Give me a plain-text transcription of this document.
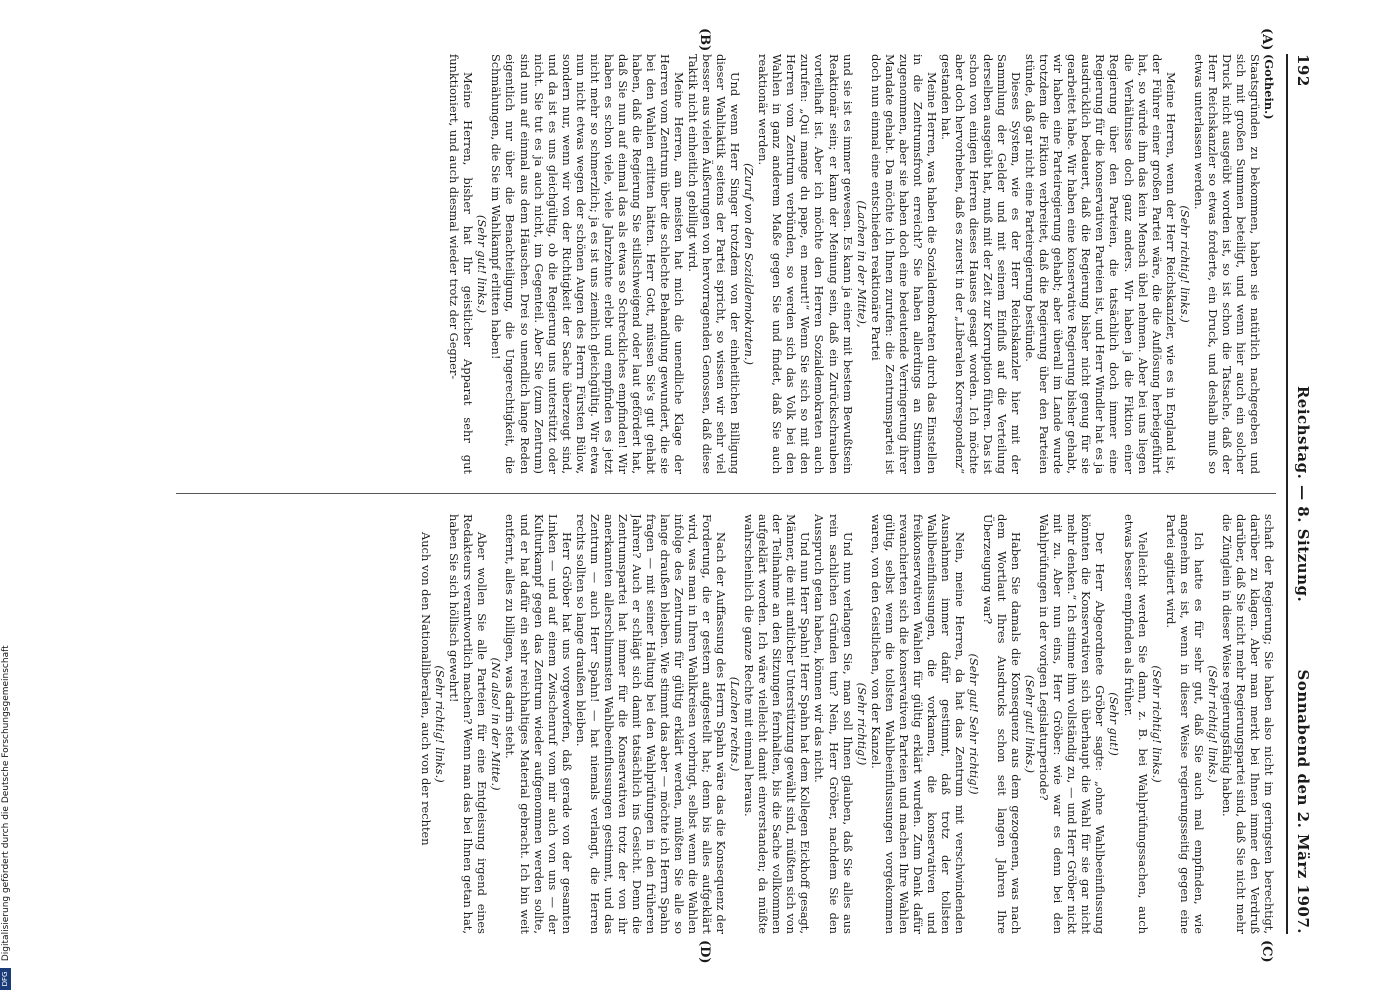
192
Reichstag. — 8. Sitzung.
Sonnabend den 2. März 1907.
(A)
(B)
(C)
(D)

(Gothein.)

Staatsgründen zu bekommen, haben sie natürlich nachgegeben und sich mit großen Summen beteiligt, und wenn hier auch ein solcher Druck nicht ausgeübt worden ist, so ist schon die Tatsache, daß der Herr Reichskanzler so etwas forderte, ein Druck, und deshalb muß so etwas unterlassen werden.

(Sehr richtig! links.)

Meine Herren, wenn der Herr Reichskanzler, wie es in England ist, der Führer einer großen Partei wäre, die die Auflösung herbeigeführt hat, so würde ihm das kein Mensch übel nehmen. Aber bei uns liegen die Verhältnisse doch ganz anders. Wir haben ja die Fiktion einer Regierung über den Parteien, die tatsächlich doch immer eine Regierung für die konservativen Parteien ist, und Herr Windler hat es ja ausdrücklich bedauert, daß die Regierung bisher nicht genug für sie gearbeitet habe. Wir haben eine konservative Regierung bisher gehabt, wir haben eine Parteiregierung gehabt; aber überall im Lande wurde trotzdem die Fiktion verbreitet, daß die Regierung über den Parteien stünde, daß gar nicht eine Parteiregierung bestünde.

Dieses System, wie es der Herr Reichskanzler hier mit der Sammlung der Gelder und mit seinem Einfluß auf die Verteilung derselben ausgeübt hat, muß mit der Zeit zur Korruption führen. Das ist schon von einigen Herren dieses Hauses gesagt worden. Ich möchte aber doch hervorheben, daß es zuerst in der „Liberalen Korrespondenz“ gestanden hat.

Meine Herren, was haben die Sozialdemokraten durch das Einstellen in die Zentrumsfront erreicht? Sie haben allerdings an Stimmen zugenommen, aber sie haben doch eine bedeutende Verringerung ihrer Mandate gehabt. Da möchte ich Ihnen zurufen: die Zentrumspartei ist doch nun einmal eine entschieden reaktionäre Partei

(Lachen in der Mitte),

und sie ist es immer gewesen. Es kann ja einer mit bestem Bewußtsein Reaktionär sein; er kann der Meinung sein, daß ein Zurückschrauben vorteilhaft ist. Aber ich möchte den Herren Sozialdemokraten auch zurufen: „Qui mange du pape, en meurt!“ Wenn Sie sich so mit den Herren vom Zentrum verbünden, so werden sich das Volk bei den Wahlen in ganz anderem Maße gegen Sie und findet, daß Sie auch reaktionär werden.

(Zuruf von den Sozialdemokraten.)

Und wenn Herr Singer trotzdem von der einheitlichen Billigung dieser Wahltaktik seitens der Partei spricht, so wissen wir sehr viel besser aus vielen Äußerungen von hervorragenden Genossen, daß diese Taktik nicht einheitlich gebilligt wird.

Meine Herren, am meisten hat mich die unendliche Klage der Herren vom Zentrum über die schlechte Behandlung gewundert, die sie bei den Wahlen erlitten hätten. Herr Gott, müssen Sie's gut gehabt haben, daß die Regierung Sie stillschweigend oder laut gefördert hat, daß Sie nun auf einmal das als etwas so Schreckliches empfinden! Wir haben es schon viele, viele Jahrzehnte erlebt und empfinden es jetzt nicht mehr so schmerzlich; ja es ist uns ziemlich gleichgültig. Wir etwa nun nicht etwas wegen der schönen Augen des Herrn Fürsten Bülow, sondern nur, wenn wir von der Richtigkeit der Sache überzeugt sind, und da ist es uns gleichgültig, ob die Regierung uns unterstützt oder nicht. Sie tut es ja auch nicht, im Gegenteil. Aber Sie (zum Zentrum) sind nun auf einmal aus dem Häuschen. Drei so unendlich lange Reden eigentlich nur über die Benachteiligung, die Ungerechtigkeit, die Schmähungen, die Sie im Wahlkampf erlitten haben!

(Sehr gut! links.)

Meine Herren, bisher hat Ihr geistlicher Apparat sehr gut funktioniert, und auch diesmal wieder trotz der Gegner-

schaft der Regierung; Sie haben also nicht im geringsten berechtigt, darüber zu klagen. Aber man merkt bei Ihnen immer den Verdruß darüber, daß Sie nicht mehr Regierungspartei sind, daß Sie nicht mehr die Zünglein in dieser Weise regierungsfähig haben.

(Sehr richtig! links.)

Ich hatte es für sehr gut, daß Sie auch mal empfinden, wie angenehm es ist, wenn in dieser Weise regierungsseitig gegen eine Partei agitiert wird.

(Sehr richtig! links.)

Vielleicht werden Sie dann, z. B. bei Wahlprüfungssachen, auch etwas besser empfinden als früher.

(Sehr gut!)

Der Herr Abgeordnete Gröber sagte: „ohne Wahlbeeinflussung könnten die Konservativen sich überhaupt die Wahl für sie gar nicht mehr denken.“ Ich stimme ihm vollständig zu, — und Herr Gröber nickt mit zu. Aber nun eins, Herr Gröber: wie war es denn bei den Wahlprüfungen in der vorigen Legislaturperiode?

(Sehr gut! links.)

Haben Sie damals die Konsequenz aus dem gezogenen, was nach dem Wortlaut Ihres Ausdrucks schon seit langen Jahren Ihre Überzeugung war?

(Sehr gut! Sehr richtig!)

Nein, meine Herren, da hat das Zentrum mit verschwindenden Ausnahmen immer dafür gestimmt, daß trotz der tollsten Wahlbeeinflussungen, die vorkamen, die konservativen und freikonservativen Wahlen für gültig erklärt wurden. Zum Dank dafür revanchierten sich die konservativen Parteien und machen Ihre Wahlen gültig, selbst wenn die tollsten Wahlbeeinflussungen vorgekommen waren, von den Geistlichen, von der Kanzel.

(Sehr richtig!)

Und nun verlangen Sie, man soll Ihnen glauben, daß Sie alles aus rein sachlichen Gründen tun? Nein, Herr Gröber, nachdem Sie den Ausspruch getan haben, können wir das nicht.

Und nun Herr Spahn! Herr Spahn hat dem Kollegen Eickhoff gesagt, Männer, die mit amtlicher Unterstützung gewählt sind, müßten sich von der Teilnahme an den Sitzungen fernhalten, bis die Sache vollkommen aufgeklärt worden. Ich wäre vielleicht damit einverstanden; da müßte wahrscheinlich die ganze Rechte mit einmal heraus.

(Lachen rechts.)

Nach der Auffassung des Herrn Spahn wäre das die Konsequenz der Forderung, die er gestern aufgestellt hat; denn bis alles aufgeklärt wird, was man in Ihren Wahlkreisen vorbringt, selbst wenn die Wahlen infolge des Zentrums für gültig erklärt werden, müßten Sie alle so lange draußen bleiben. Wie stimmt das aber — möchte ich Herrn Spahn fragen — mit seiner Haltung bei den Wahlprüfungen in den früheren Jahren? Auch er schlägt sich damit tatsächlich ins Gesicht. Denn die Zentrumspartei hat immer für die Konservativen trotz der von ihr anerkannten allerschlimmsten Wahlbeeinflussungen gestimmt, und das Zentrum — auch Herr Spahn! — hat niemals verlangt, die Herren rechts sollten so lange draußen bleiben.

Herr Gröber hat uns vorgeworfen, daß gerade von der gesamten Linken — und auf einem Zwischenruf vom mir auch von uns — der Kulturkampf gegen das Zentrum wieder aufgenommen werden sollte, und er hat dafür ein sehr reichhaltiges Material gebracht. Ich bin weit entfernt, alles zu billigen, was darin steht.

(Na also! in der Mitte.)

Aber wollen Sie alle Parteien für eine Entgleisung irgend eines Redakteurs verantwortlich machen? Wenn man das bei Ihnen getan hat, haben Sie sich höllisch gewehrt!

(Sehr richtig! links.)

Auch von den Nationalliberalen, auch von der rechten

DFG Digitalisierung gefördert durch die Deutsche Forschungsgemeinschaft
